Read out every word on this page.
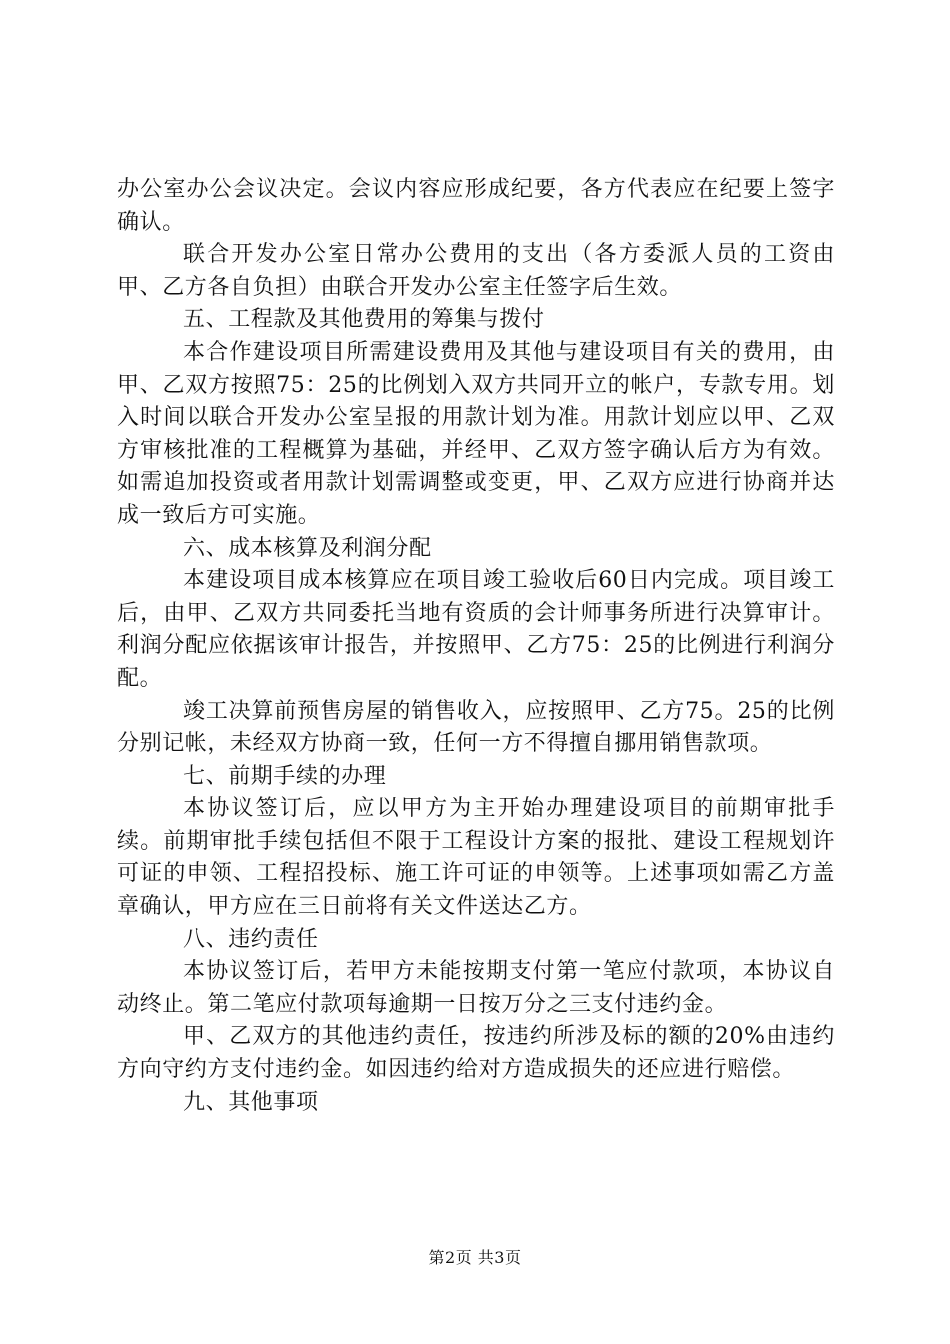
办公室办公会议决定。会议内容应形成纪要，各方代表应在纪要上签字确认。

联合开发办公室日常办公费用的支出（各方委派人员的工资由甲、乙方各自负担）由联合开发办公室主任签字后生效。

五、工程款及其他费用的筹集与拨付

本合作建设项目所需建设费用及其他与建设项目有关的费用，由甲、乙双方按照75：25的比例划入双方共同开立的帐户，专款专用。划入时间以联合开发办公室呈报的用款计划为准。用款计划应以甲、乙双方审核批准的工程概算为基础，并经甲、乙双方签字确认后方为有效。如需追加投资或者用款计划需调整或变更，甲、乙双方应进行协商并达成一致后方可实施。

六、成本核算及利润分配

本建设项目成本核算应在项目竣工验收后60日内完成。项目竣工后，由甲、乙双方共同委托当地有资质的会计师事务所进行决算审计。利润分配应依据该审计报告，并按照甲、乙方75：25的比例进行利润分配。

竣工决算前预售房屋的销售收入，应按照甲、乙方75。25的比例分别记帐，未经双方协商一致，任何一方不得擅自挪用销售款项。

七、前期手续的办理

本协议签订后，应以甲方为主开始办理建设项目的前期审批手续。前期审批手续包括但不限于工程设计方案的报批、建设工程规划许可证的申领、工程招投标、施工许可证的申领等。上述事项如需乙方盖章确认，甲方应在三日前将有关文件送达乙方。

八、违约责任

本协议签订后，若甲方未能按期支付第一笔应付款项，本协议自动终止。第二笔应付款项每逾期一日按万分之三支付违约金。

甲、乙双方的其他违约责任，按违约所涉及标的额的20%由违约方向守约方支付违约金。如因违约给对方造成损失的还应进行赔偿。

九、其他事项

第2页 共3页
